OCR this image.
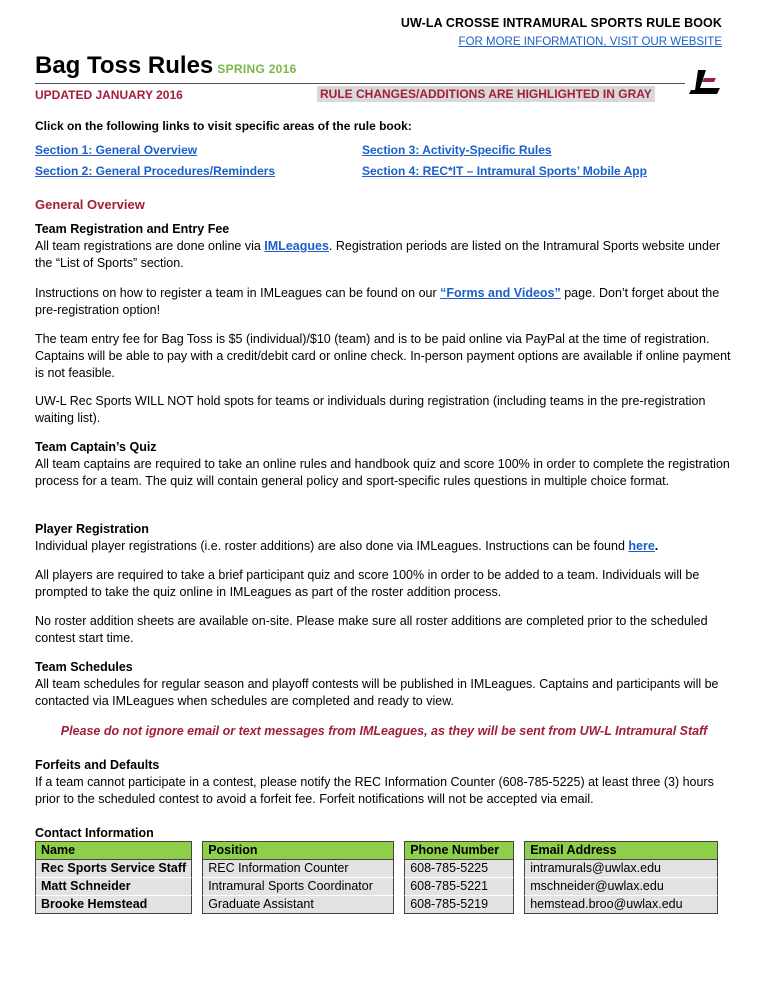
UW-LA CROSSE INTRAMURAL SPORTS RULE BOOK
FOR MORE INFORMATION, VISIT OUR WEBSITE
Bag Toss Rules SPRING 2016
UPDATED JANUARY 2016	RULE CHANGES/ADDITIONS ARE HIGHLIGHTED IN GRAY
Click on the following links to visit specific areas of the rule book:
Section 1: General Overview
Section 2: General Procedures/Reminders
Section 3: Activity-Specific Rules
Section 4: REC*IT – Intramural Sports’ Mobile App
General Overview
Team Registration and Entry Fee
All team registrations are done online via IMLeagues. Registration periods are listed on the Intramural Sports website under the “List of Sports” section.
Instructions on how to register a team in IMLeagues can be found on our “Forms and Videos” page. Don’t forget about the pre-registration option!
The team entry fee for Bag Toss is $5 (individual)/$10 (team) and is to be paid online via PayPal at the time of registration. Captains will be able to pay with a credit/debit card or online check. In-person payment options are available if online payment is not feasible.
UW-L Rec Sports WILL NOT hold spots for teams or individuals during registration (including teams in the pre-registration waiting list).
Team Captain’s Quiz
All team captains are required to take an online rules and handbook quiz and score 100% in order to complete the registration process for a team. The quiz will contain general policy and sport-specific rules questions in multiple choice format.
Player Registration
Individual player registrations (i.e. roster additions) are also done via IMLeagues. Instructions can be found here.
All players are required to take a brief participant quiz and score 100% in order to be added to a team. Individuals will be prompted to take the quiz online in IMLeagues as part of the roster addition process.
No roster addition sheets are available on-site. Please make sure all roster additions are completed prior to the scheduled contest start time.
Team Schedules
All team schedules for regular season and playoff contests will be published in IMLeagues. Captains and participants will be contacted via IMLeagues when schedules are completed and ready to view.
Please do not ignore email or text messages from IMLeagues, as they will be sent from UW-L Intramural Staff
Forfeits and Defaults
If a team cannot participate in a contest, please notify the REC Information Counter (608-785-5225) at least three (3) hours prior to the scheduled contest to avoid a forfeit fee. Forfeit notifications will not be accepted via email.
Contact Information
Name		Position		Phone Number		Email Address
Rec Sports Service Staff		REC Information Counter		608-785-5225		intramurals@uwlax.edu
Matt Schneider		Intramural Sports Coordinator		608-785-5221		mschneider@uwlax.edu
Brooke Hemstead		Graduate Assistant		608-785-5219		hemstead.broo@uwlax.edu
